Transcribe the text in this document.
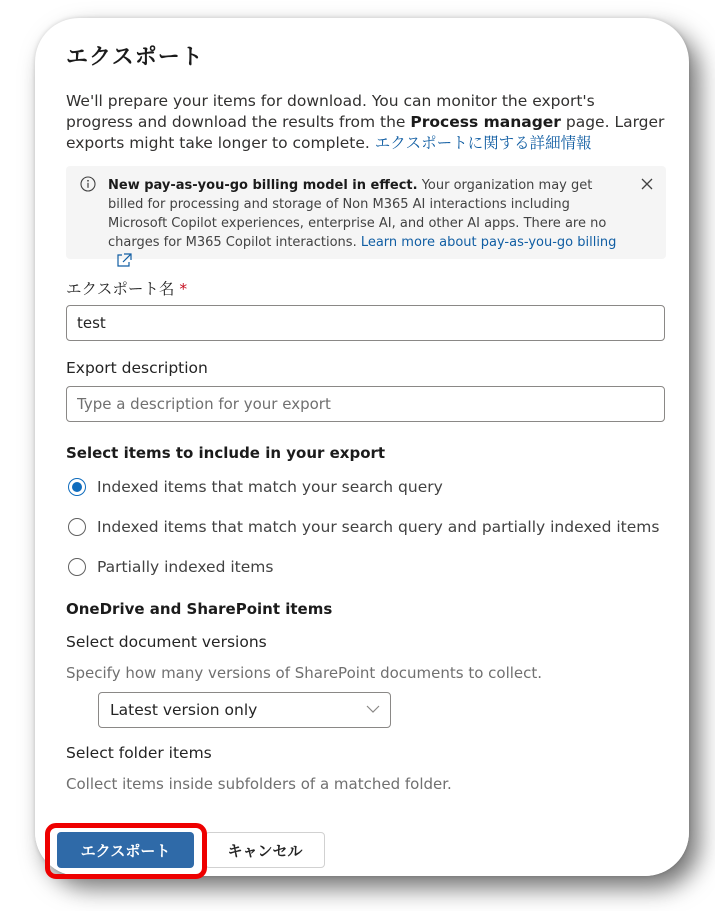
エクスポート
We'll prepare your items for download. You can monitor the export's progress and download the results from the Process manager page. Larger exports might take longer to complete. エクスポートに関する詳細情報
New pay-as-you-go billing model in effect. Your organization may get billed for processing and storage of Non M365 AI interactions including Microsoft Copilot experiences, enterprise AI, and other AI apps. There are no charges for M365 Copilot interactions. Learn more about pay-as-you-go billing
エクスポート名 *
test
Export description
Type a description for your export
Select items to include in your export
Indexed items that match your search query
Indexed items that match your search query and partially indexed items
Partially indexed items
OneDrive and SharePoint items
Select document versions
Specify how many versions of SharePoint documents to collect.
Latest version only
Select folder items
Collect items inside subfolders of a matched folder.
エクスポート	キャンセル
